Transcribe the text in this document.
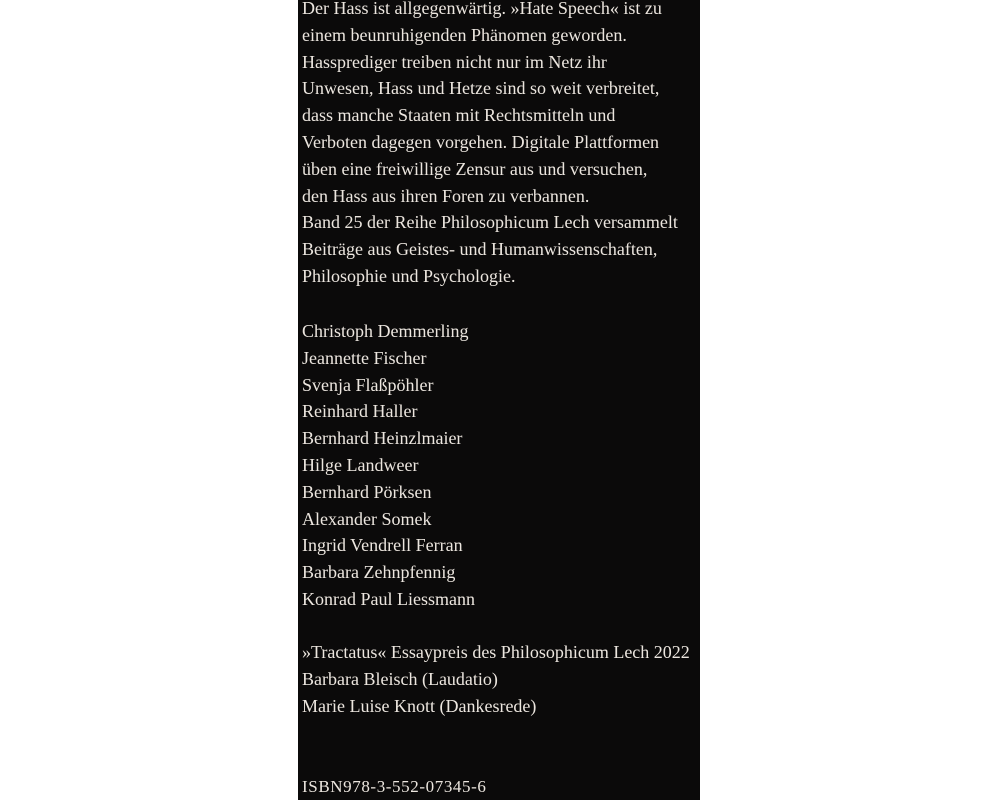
Der Hass ist allgegenwärtig. »Hate Speech« ist zu
einem beunruhigenden Phänomen geworden.
Hassprediger treiben nicht nur im Netz ihr
Unwesen, Hass und Hetze sind so weit verbreitet,
dass manche Staaten mit Rechtsmitteln und
Verboten dagegen vorgehen. Digitale Plattformen
üben eine freiwillige Zensur aus und versuchen,
den Hass aus ihren Foren zu verbannen.
Band 25 der Reihe Philosophicum Lech versammelt
Beiträge aus Geistes- und Humanwissenschaften,
Philosophie und Psychologie.

Christoph Demmerling
Jeannette Fischer
Svenja Flaßpöhler
Reinhard Haller
Bernhard Heinzlmaier
Hilge Landweer
Bernhard Pörksen
Alexander Somek
Ingrid Vendrell Ferran
Barbara Zehnpfennig
Konrad Paul Liessmann

»Tractatus« Essaypreis des Philosophicum Lech 2022
Barbara Bleisch (Laudatio)
Marie Luise Knott (Dankesrede)

ISBN978-3-552-07345-6
